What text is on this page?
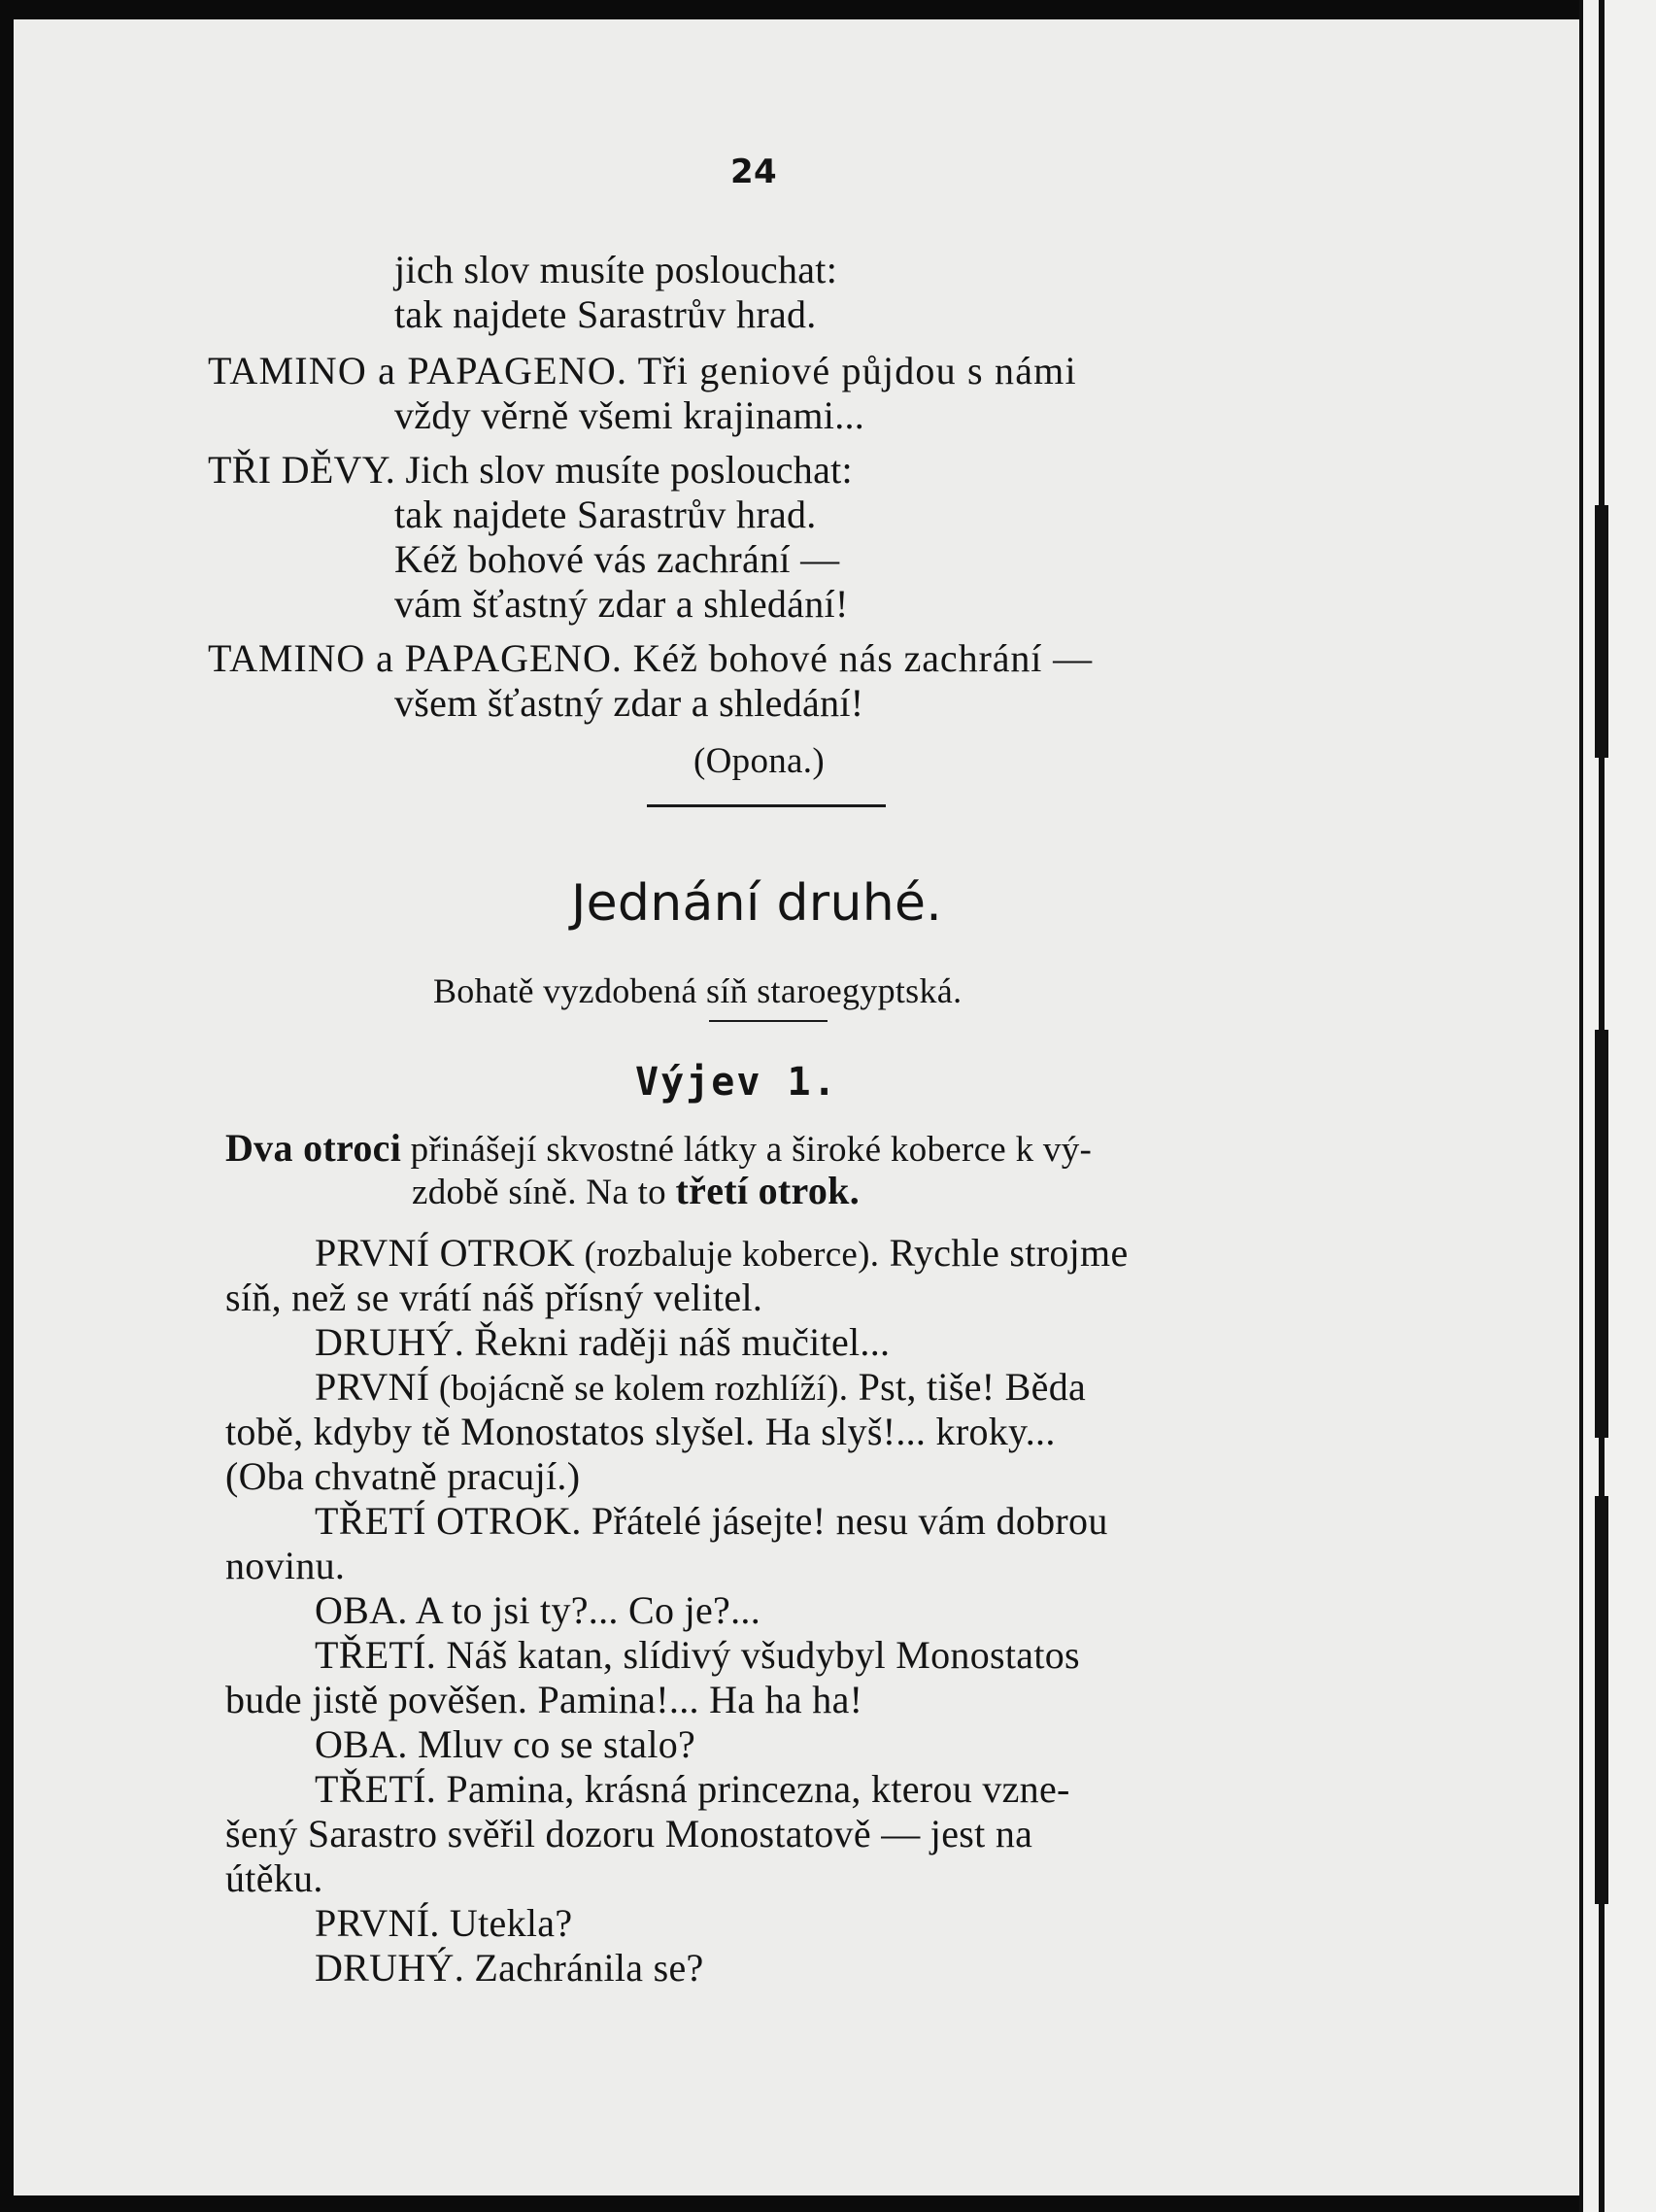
24
jich slov musíte poslouchat:
tak najdete Sarastrův hrad.
TAMINO a PAPAGENO. Tři geniové půjdou s námi
vždy věrně všemi krajinami...
TŘI DĚVY. Jich slov musíte poslouchat:
tak najdete Sarastrův hrad.
Kéž bohové vás zachrání —
vám šťastný zdar a shledání!
TAMINO a PAPAGENO. Kéž bohové nás zachrání —
všem šťastný zdar a shledání!
(Opona.)
Jednání druhé.
Bohatě vyzdobená síň staroegyptská.
Výjev 1.
Dva otroci přinášejí skvostné látky a široké koberce k vý-
zdobě síně. Na to třetí otrok.
PRVNÍ OTROK (rozbaluje koberce). Rychle strojme
síň, než se vrátí náš přísný velitel.
DRUHÝ. Řekni raději náš mučitel...
PRVNÍ (bojácně se kolem rozhlíží). Pst, tiše! Běda
tobě, kdyby tě Monostatos slyšel. Ha slyš!... kroky...
(Oba chvatně pracují.)
TŘETÍ OTROK. Přátelé jásejte! nesu vám dobrou
novinu.
OBA. A to jsi ty?... Co je?...
TŘETÍ. Náš katan, slídivý všudybyl Monostatos
bude jistě pověšen. Pamina!... Ha ha ha!
OBA. Mluv co se stalo?
TŘETÍ. Pamina, krásná princezna, kterou vzne-
šený Sarastro svěřil dozoru Monostatově — jest na
útěku.
PRVNÍ. Utekla?
DRUHÝ. Zachránila se?
